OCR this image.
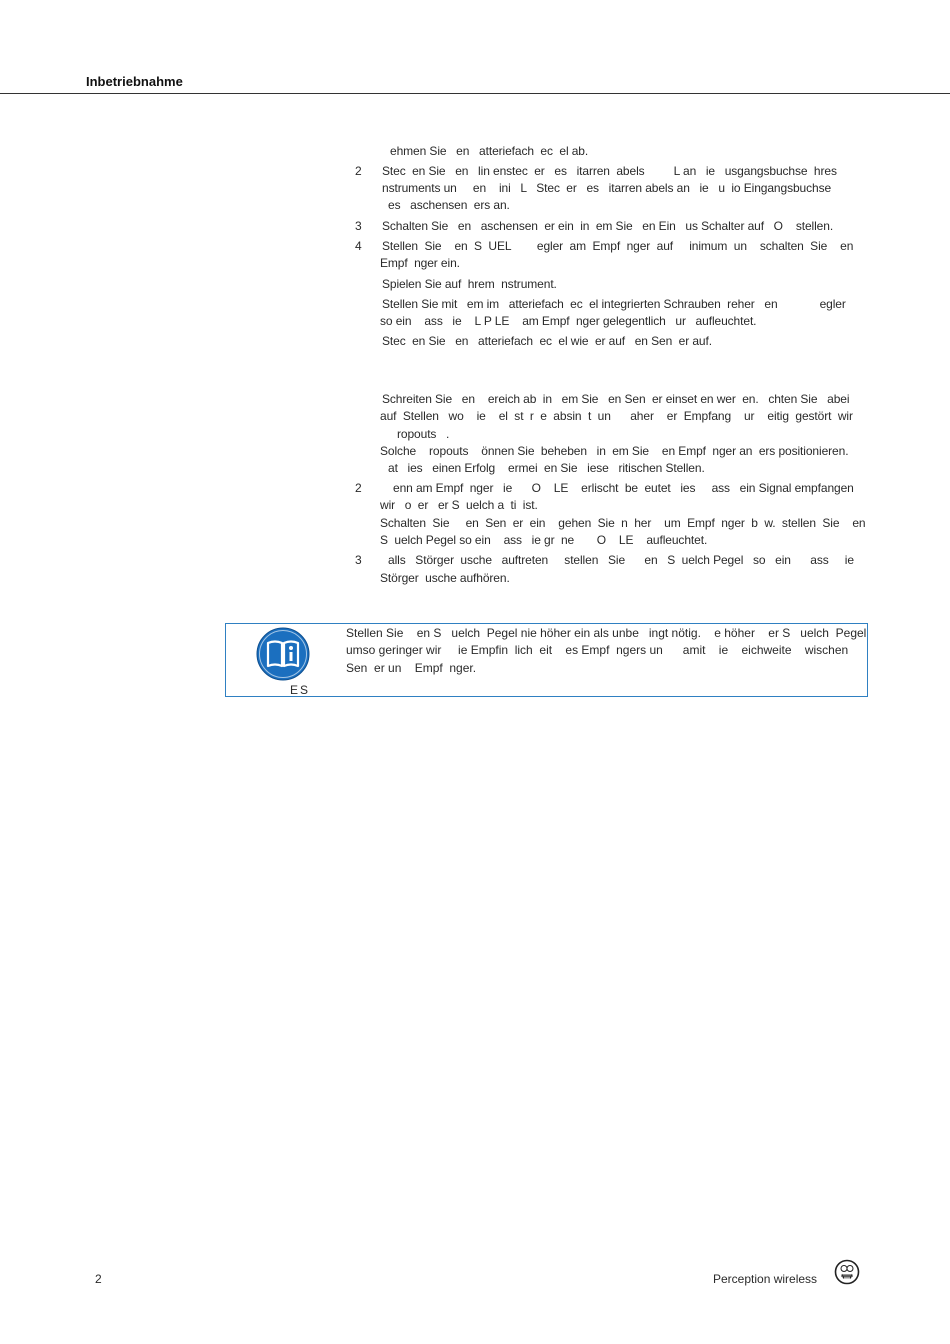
Inbetriebnahme
ehmen Sie   en   atteriefach  ec  el ab.
2	Stec  en Sie   en   lin enstec  er   es   itarren  abels         L an   ie   usgangsbuchse  hres
nstruments un     en    ini   L   Stec  er   es   itarren abels an   ie   u  io Eingangsbuchse
es   aschensen  ers an.
3	Schalten Sie   en   aschensen  er ein  in  em Sie   en Ein   us Schalter auf   O    stellen.
4	Stellen  Sie    en  S  UEL        egler  am  Empf  nger  auf     inimum  un    schalten  Sie    en
Empf  nger ein.
Spielen Sie auf  hrem  nstrument.
Stellen Sie mit   em im   atteriefach  ec  el integrierten Schrauben  reher   en             egler
so ein    ass   ie    L P LE    am Empf  nger gelegentlich   ur   aufleuchtet.
Stec  en Sie   en   atteriefach  ec  el wie  er auf   en Sen  er auf.
Schreiten Sie   en    ereich ab  in   em Sie   en Sen  er einset en wer  en.   chten Sie   abei
auf  Stellen   wo    ie    el  st  r  e  absin  t  un      aher    er  Empfang    ur    eitig  gestört  wir
ropouts   .
Solche    ropouts    önnen Sie  beheben   in  em Sie    en Empf  nger an  ers positionieren.
at   ies   einen Erfolg    ermei  en Sie   iese   ritischen Stellen.
2	enn am Empf  nger   ie      O    LE    erlischt  be  eutet   ies     ass   ein Signal empfangen
wir   o  er   er S  uelch a  ti  ist.
Schalten  Sie     en  Sen  er  ein    gehen  Sie  n  her    um  Empf  nger  b  w.  stellen  Sie    en
S  uelch Pegel so ein    ass   ie gr  ne       O    LE    aufleuchtet.
3	alls   Störger  usche   auftreten     stellen   Sie      en   S  uelch Pegel   so   ein      ass     ie
Störger  usche aufhören.
ES
Stellen Sie    en S   uelch  Pegel nie höher ein als unbe   ingt nötig.    e höher    er S   uelch  Pegel
umso geringer wir     ie Empfin  lich  eit    es Empf  ngers un      amit    ie    eichweite    wischen
Sen  er un    Empf  nger.
2	Perception wireless
